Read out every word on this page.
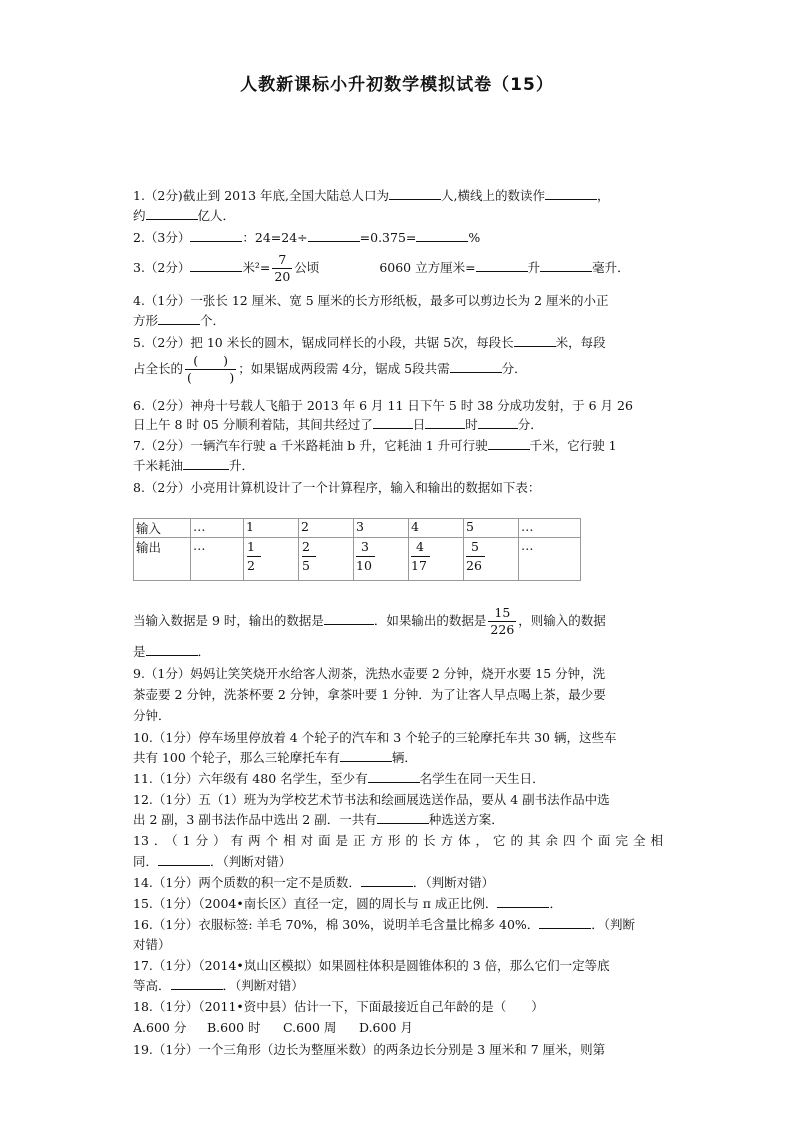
人教新课标小升初数学模拟试卷（15）
1.（2分)截止到 2013 年底,全国大陆总人口为	人,横线上的数读作	，
约	亿人．
2.（3分）	：24=24÷	=0.375=	%
3.（2分）	米$^2= \frac{7}{20}$ 公顷	6060 立方厘米=	升	毫升．
4.（1分）一张长 12 厘米、宽 5 厘米的长方形纸板，最多可以剪边长为 2 厘米的小正
方形	个．
5.（2分）把 10 米长的圆木，锯成同样长的小段，共锯 5次，每段长	米，每段
占全长的 $\frac{( )}{( )}$ ；如果锯成两段需 4分，锯成 5段共需	分．
6.（2分）神舟十号载人飞船于 2013 年 6 月 11 日下午 5 时 38 分成功发射，于 6 月 26
日上午 8 时 05 分顺利着陆，其间共经过了	日	时	分．
7.（2分）一辆汽车行驶 a 千米路耗油 b 升，它耗油 1 升可行驶	千米，它行驶 1
千米耗油	升．
8.（2分）小亮用计算机设计了一个计算程序，输入和输出的数据如下表：
输入	…	1	2	3	4	5	…
输出	…	$\frac{1}{2}$	$\frac{2}{5}$	$\frac{3}{10}$	$\frac{4}{17}$	$\frac{5}{26}$	…
当输入数据是 9 时，输出的数据是	．如果输出的数据是 $\frac{15}{226}$ ，则输入的数据
是	．
9.（1分）妈妈让笑笑烧开水给客人沏茶，洗热水壶要 2 分钟，烧开水要 15 分钟，洗
茶壶要 2 分钟，洗茶杯要 2 分钟，拿茶叶要 1 分钟．为了让客人早点喝上茶，最少要
分钟．
10.（1分）停车场里停放着 4 个轮子的汽车和 3 个轮子的三轮摩托车共 30 辆，这些车
共有 100 个轮子，那么三轮摩托车有	辆．
11.（1分）六年级有 480 名学生，至少有	名学生在同一天生日．
12.（1分）五（1）班为为学校艺术节书法和绘画展选送作品，要从 4 副书法作品中选
出 2 副，3 副书法作品中选出 2 副．一共有	种选送方案．
13．（1分）有两个相对面是正方形的长方体，它的其余四个面完全相
同．	．（判断对错）
14.（1分）两个质数的积一定不是质数．	．（判断对错）
15.（1分）（2004•南长区）直径一定，圆的周长与 π 成正比例．	．
16.（1分）衣服标签: 羊毛 70%，棉 30%，说明羊毛含量比棉多 40%．	．（判断
对错）
17.（1分）（2014•岚山区模拟）如果圆柱体积是圆锥体积的 3 倍，那么它们一定等底
等高．	．（判断对错）
18.（1分）（2011•资中县）估计一下，下面最接近自己年龄的是（　　）
A.600 分 B.600 时 C.600 周 D.600 月
19.（1分）一个三角形（边长为整厘米数）的两条边长分别是 3 厘米和 7 厘米，则第
